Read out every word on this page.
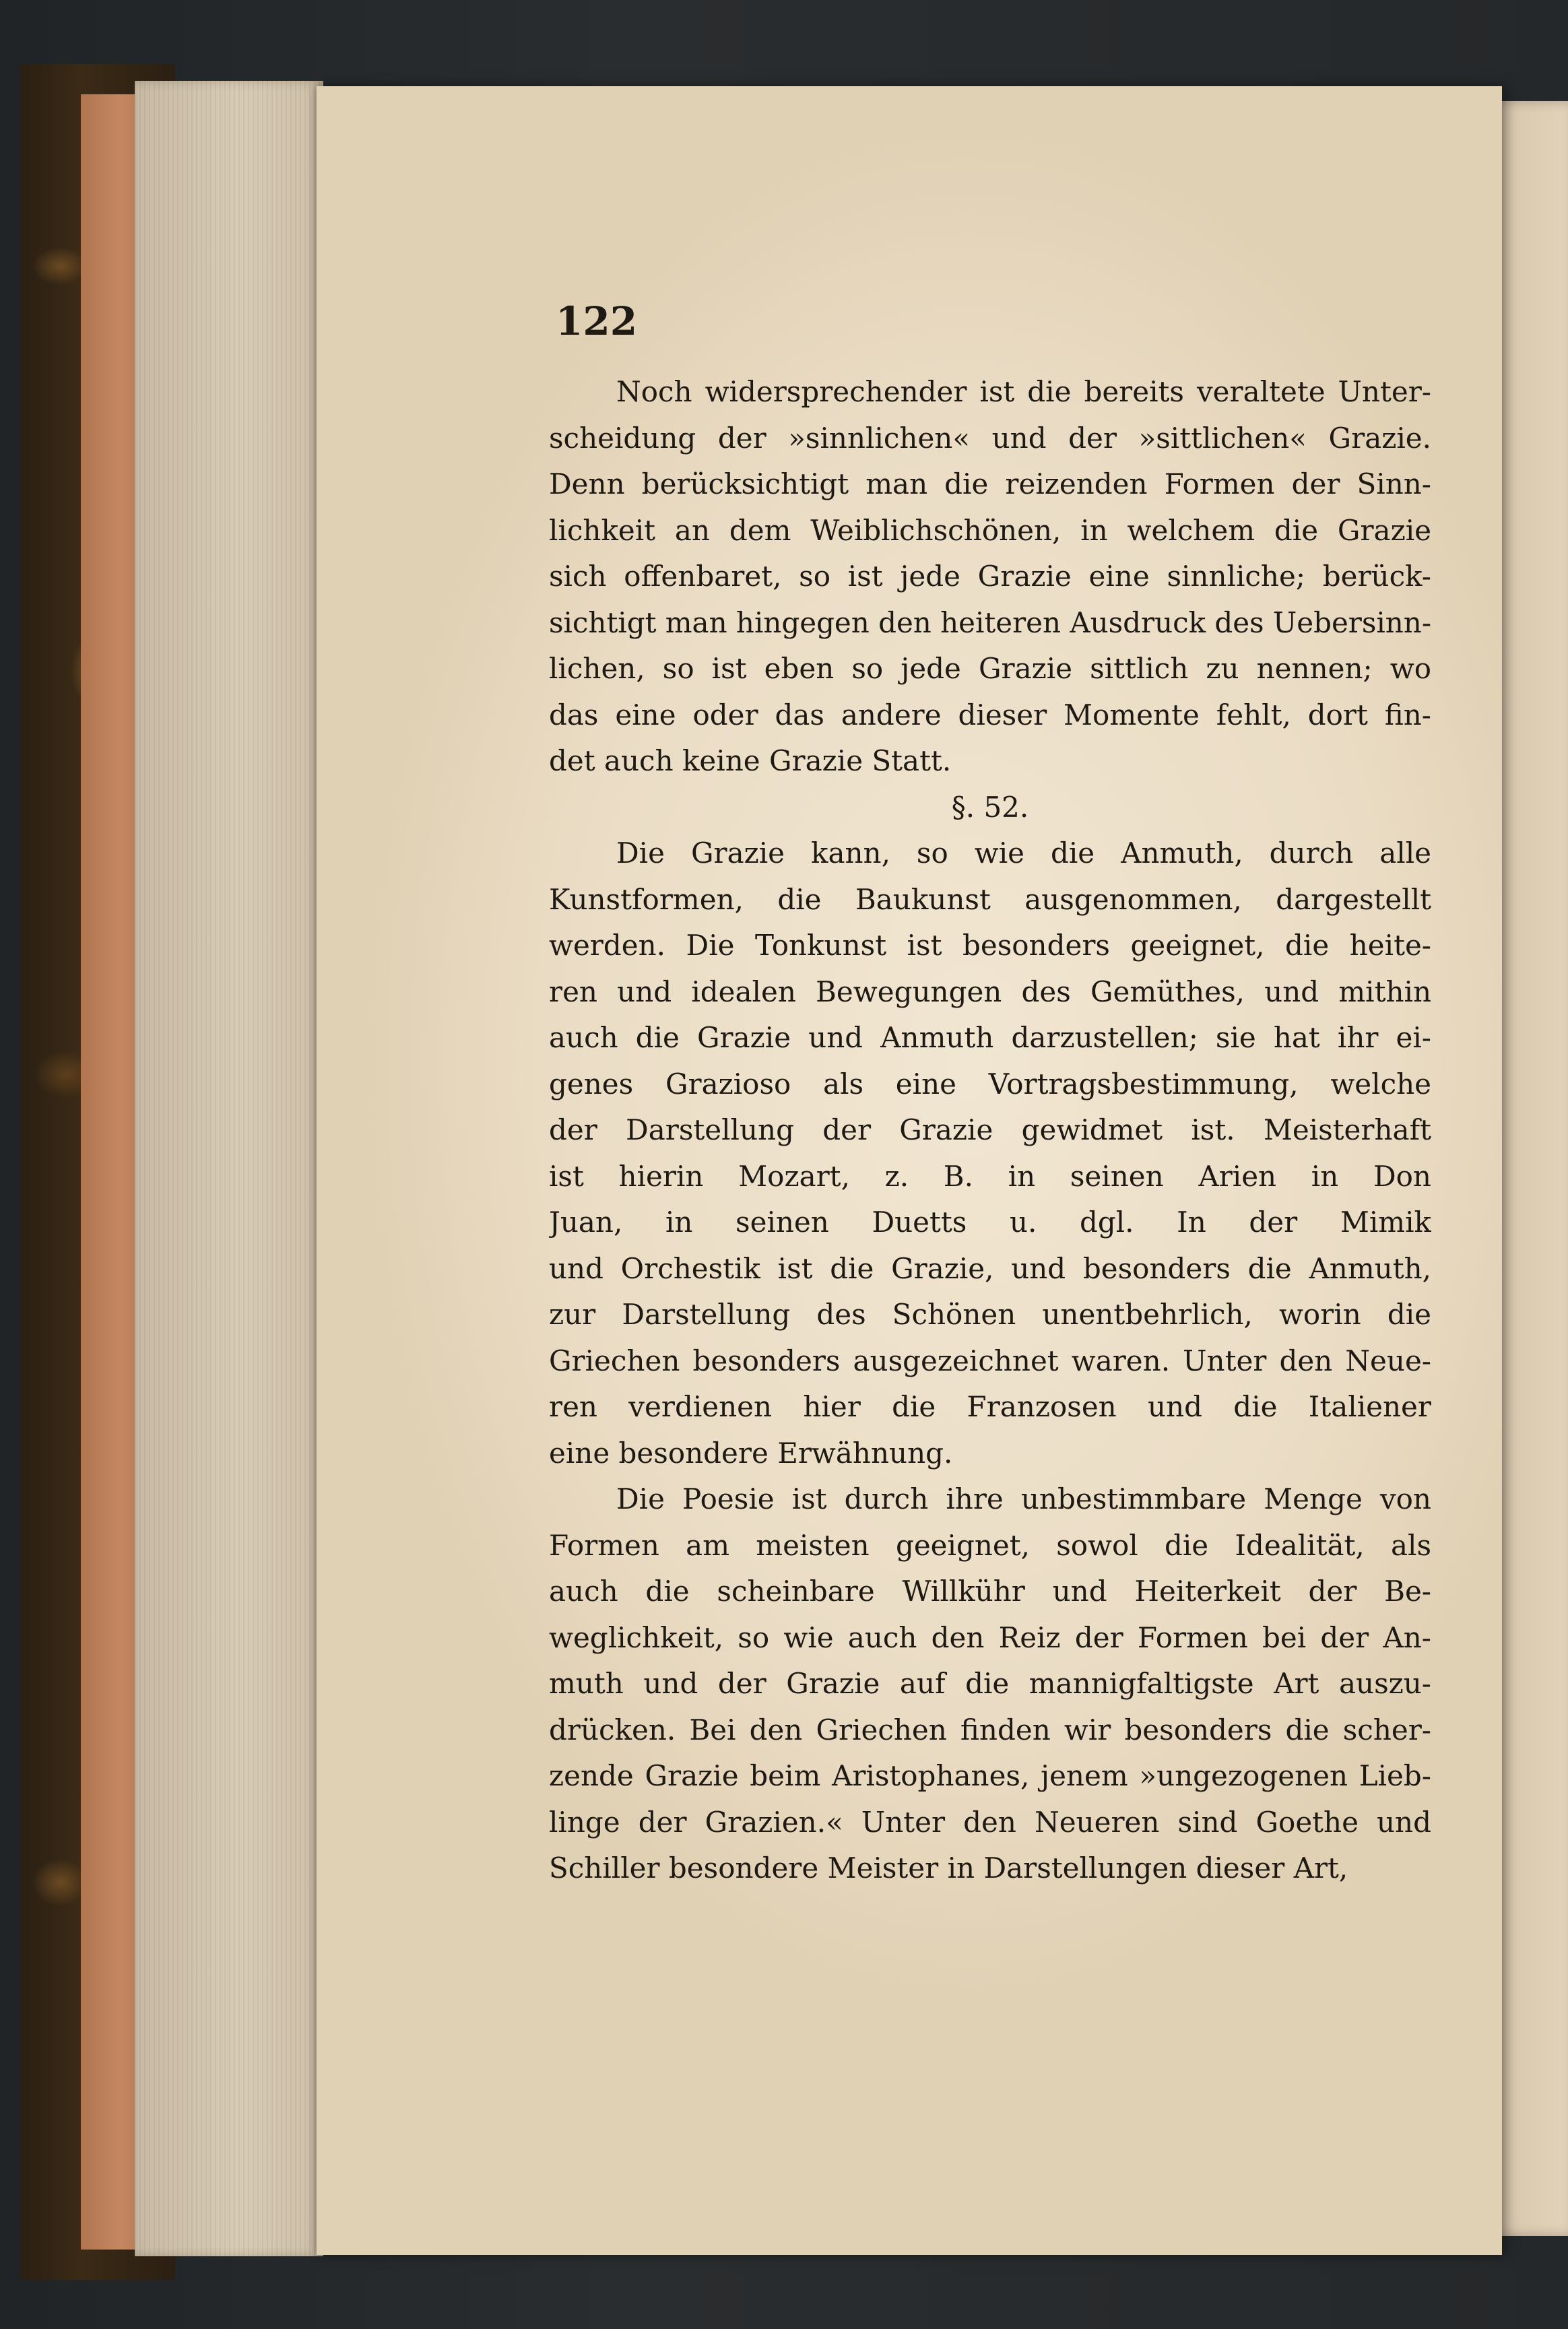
122

Noch widersprechender ist die bereits veraltete Unter-
scheidung der »sinnlichen« und der »sittlichen« Grazie.
Denn berücksichtigt man die reizenden Formen der Sinn-
lichkeit an dem Weiblichschönen, in welchem die Grazie
sich offenbaret, so ist jede Grazie eine sinnliche; berück-
sichtigt man hingegen den heiteren Ausdruck des Uebersinn-
lichen, so ist eben so jede Grazie sittlich zu nennen; wo
das eine oder das andere dieser Momente fehlt, dort fin-
det auch keine Grazie Statt.
§. 52.
Die Grazie kann, so wie die Anmuth, durch alle
Kunstformen, die Baukunst ausgenommen, dargestellt
werden. Die Tonkunst ist besonders geeignet, die heite-
ren und idealen Bewegungen des Gemüthes, und mithin
auch die Grazie und Anmuth darzustellen; sie hat ihr ei-
genes Grazioso als eine Vortragsbestimmung, welche
der Darstellung der Grazie gewidmet ist. Meisterhaft
ist hierin Mozart, z. B. in seinen Arien in Don
Juan, in seinen Duetts u. dgl. In der Mimik
und Orchestik ist die Grazie, und besonders die Anmuth,
zur Darstellung des Schönen unentbehrlich, worin die
Griechen besonders ausgezeichnet waren. Unter den Neue-
ren verdienen hier die Franzosen und die Italiener
eine besondere Erwähnung.
Die Poesie ist durch ihre unbestimmbare Menge von
Formen am meisten geeignet, sowol die Idealität, als
auch die scheinbare Willkühr und Heiterkeit der Be-
weglichkeit, so wie auch den Reiz der Formen bei der An-
muth und der Grazie auf die mannigfaltigste Art auszu-
drücken. Bei den Griechen finden wir besonders die scher-
zende Grazie beim Aristophanes, jenem »ungezogenen Lieb-
linge der Grazien.« Unter den Neueren sind Goethe und
Schiller besondere Meister in Darstellungen dieser Art,
